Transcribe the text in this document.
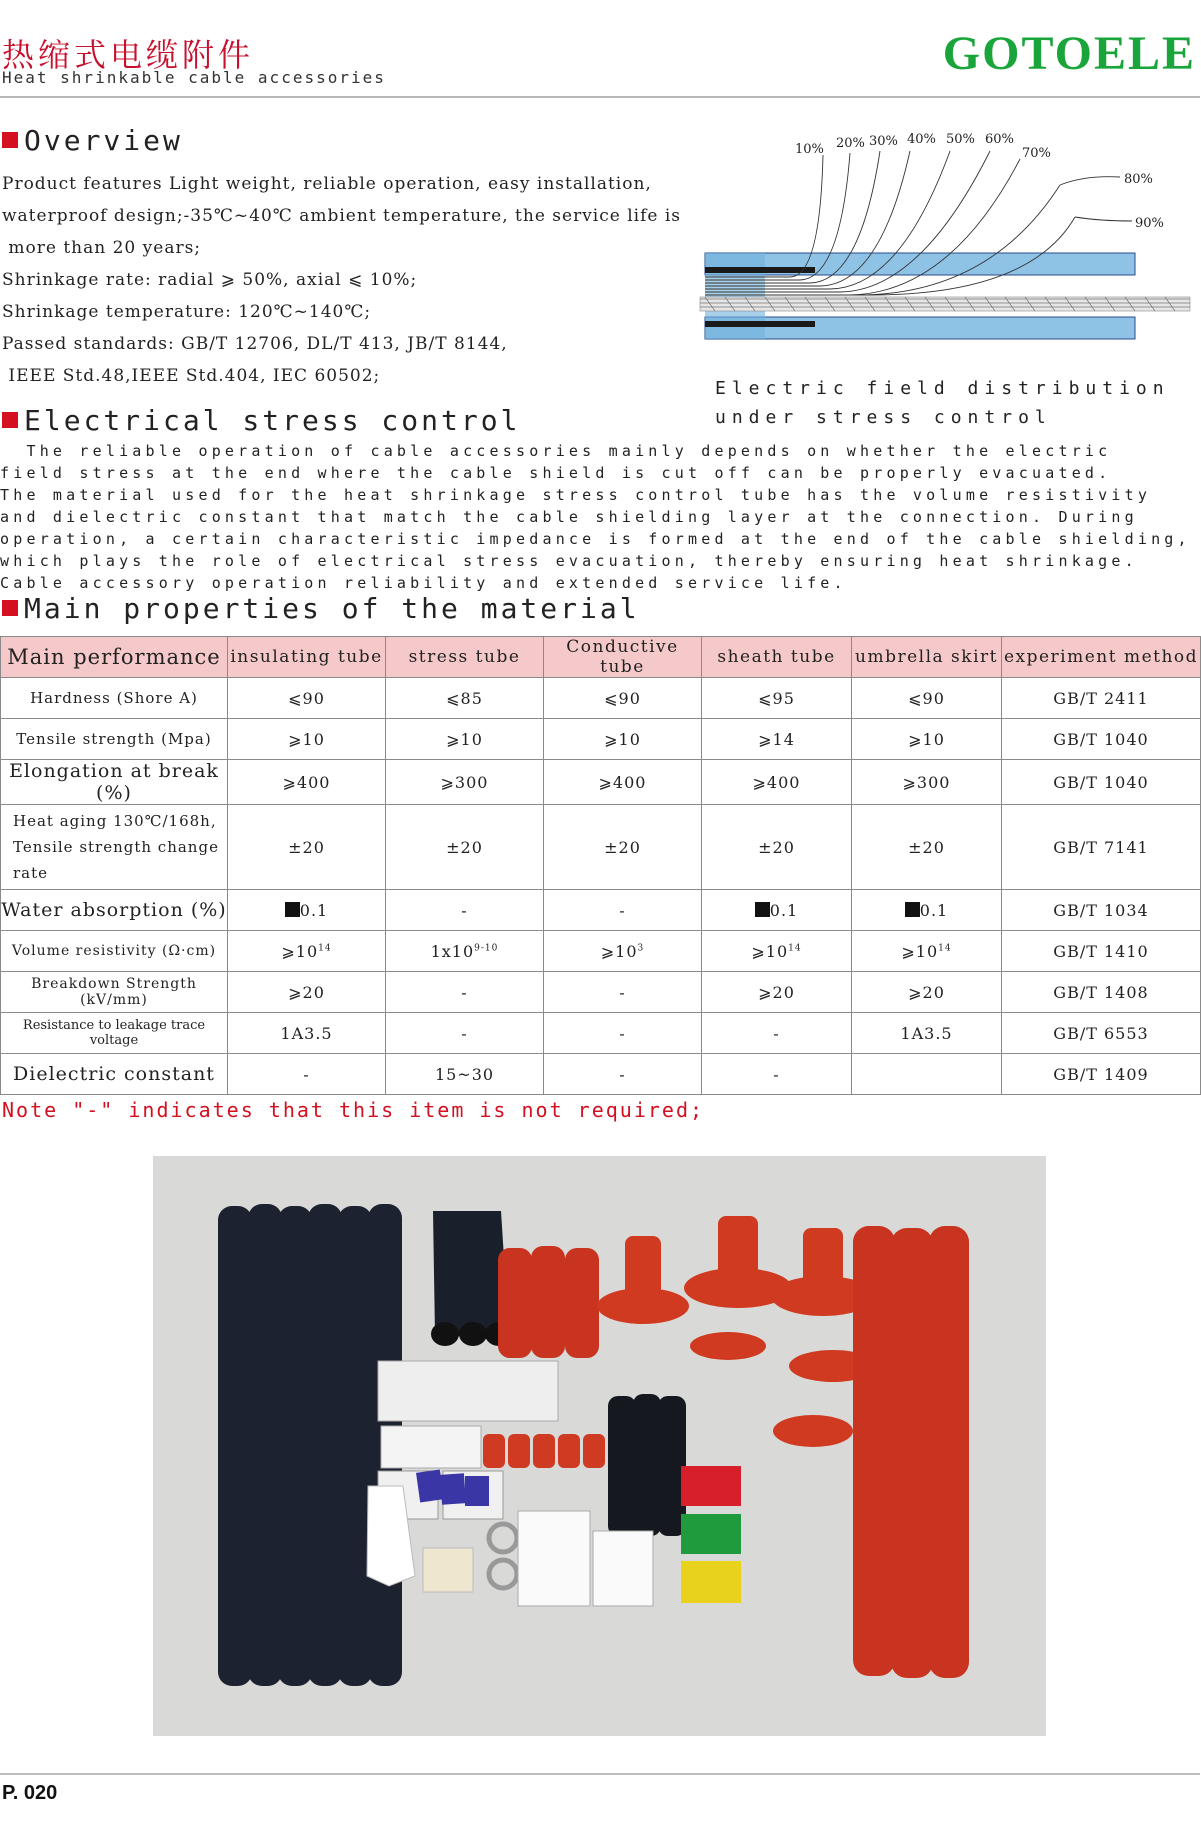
热缩式电缆附件
Heat shrinkable cable accessories	GOTOELE
Overview
Product features Light weight, reliable operation, easy installation,
waterproof design;-35℃~40℃ ambient temperature, the service life is
more than 20 years;
Shrinkage rate: radial ⩾ 50%, axial ⩽ 10%;
Shrinkage temperature: 120℃~140℃;
Passed standards: GB/T 12706, DL/T 413, JB/T 8144,
IEEE Std.48,IEEE Std.404, IEC 60502;
10% 20% 30% 40% 50% 60%
70%
80%
90%
Electric field distribution
under stress control
Electrical stress control
The reliable operation of cable accessories mainly depends on whether the electric
field stress at the end where the cable shield is cut off can be properly evacuated.
The material used for the heat shrinkage stress control tube has the volume resistivity
and dielectric constant that match the cable shielding layer at the connection. During
operation, a certain characteristic impedance is formed at the end of the cable shielding,
which plays the role of electrical stress evacuation, thereby ensuring heat shrinkage.
Cable accessory operation reliability and extended service life.
Main properties of the material
Main performance	insulating tube	stress tube	Conductive tube	sheath tube	umbrella skirt	experiment method
Hardness (Shore A)	⩽90	⩽85	⩽90	⩽95	⩽90	GB/T 2411
Tensile strength (Mpa)	⩾10	⩾10	⩾10	⩾14	⩾10	GB/T 1040
Elongation at break (%)	⩾400	⩾300	⩾400	⩾400	⩾300	GB/T 1040
Heat aging 130℃/168h, Tensile strength change rate	±20	±20	±20	±20	±20	GB/T 7141
Water absorption (%)	0.1	-	-	0.1	0.1	GB/T 1034
Volume resistivity (Ω·cm)	$⩾10^{14}$	1x10$^{9-10}$	$⩾10^3$	$⩾10^{14}$	$⩾10^{14}$	GB/T 1410
Breakdown Strength (kV/mm)	⩾20	-	-	⩾20	⩾20	GB/T 1408
Resistance to leakage trace voltage	1A3.5	-	-	-	1A3.5	GB/T 6553
Dielectric constant	-	15~30	-	-		GB/T 1409
Note "-" indicates that this item is not required;
P. 020
